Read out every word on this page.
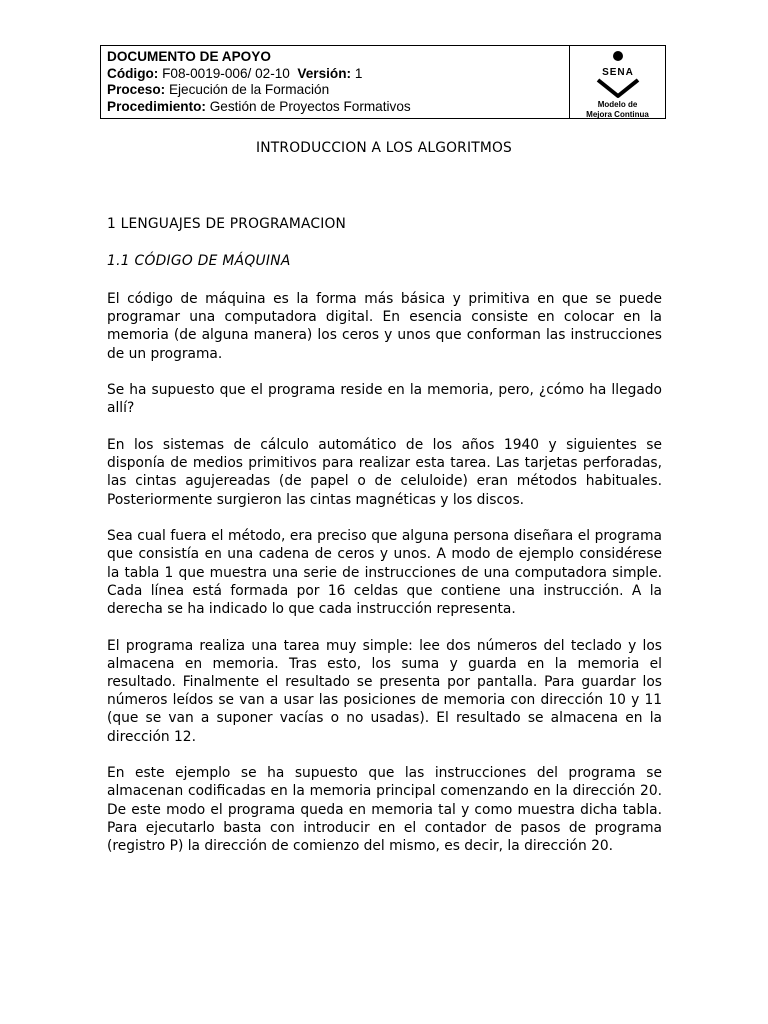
DOCUMENTO DE APOYO
Código: F08-0019-006/ 02-10 Versión: 1
Proceso: Ejecución de la Formación
Procedimiento: Gestión de Proyectos Formativos
SENA
Modelo de
Mejora Continua
INTRODUCCION A LOS ALGORITMOS
1 LENGUAJES DE PROGRAMACION
1.1 CÓDIGO DE MÁQUINA

El código de máquina es la forma más básica y primitiva en que se puede programar una computadora digital. En esencia consiste en colocar en la memoria (de alguna manera) los ceros y unos que conforman las instrucciones de un programa.

Se ha supuesto que el programa reside en la memoria, pero, ¿cómo ha llegado allí?

En los sistemas de cálculo automático de los años 1940 y siguientes se disponía de medios primitivos para realizar esta tarea. Las tarjetas perforadas, las cintas agujereadas (de papel o de celuloide) eran métodos habituales. Posteriormente surgieron las cintas magnéticas y los discos.

Sea cual fuera el método, era preciso que alguna persona diseñara el programa que consistía en una cadena de ceros y unos. A modo de ejemplo considérese la tabla 1 que muestra una serie de instrucciones de una computadora simple. Cada línea está formada por 16 celdas que contiene una instrucción. A la derecha se ha indicado lo que cada instrucción representa.

El programa realiza una tarea muy simple: lee dos números del teclado y los almacena en memoria. Tras esto, los suma y guarda en la memoria el resultado. Finalmente el resultado se presenta por pantalla. Para guardar los números leídos se van a usar las posiciones de memoria con dirección 10 y 11 (que se van a suponer vacías o no usadas). El resultado se almacena en la dirección 12.

En este ejemplo se ha supuesto que las instrucciones del programa se almacenan codificadas en la memoria principal comenzando en la dirección 20. De este modo el programa queda en memoria tal y como muestra dicha tabla. Para ejecutarlo basta con introducir en el contador de pasos de programa (registro P) la dirección de comienzo del mismo, es decir, la dirección 20.
